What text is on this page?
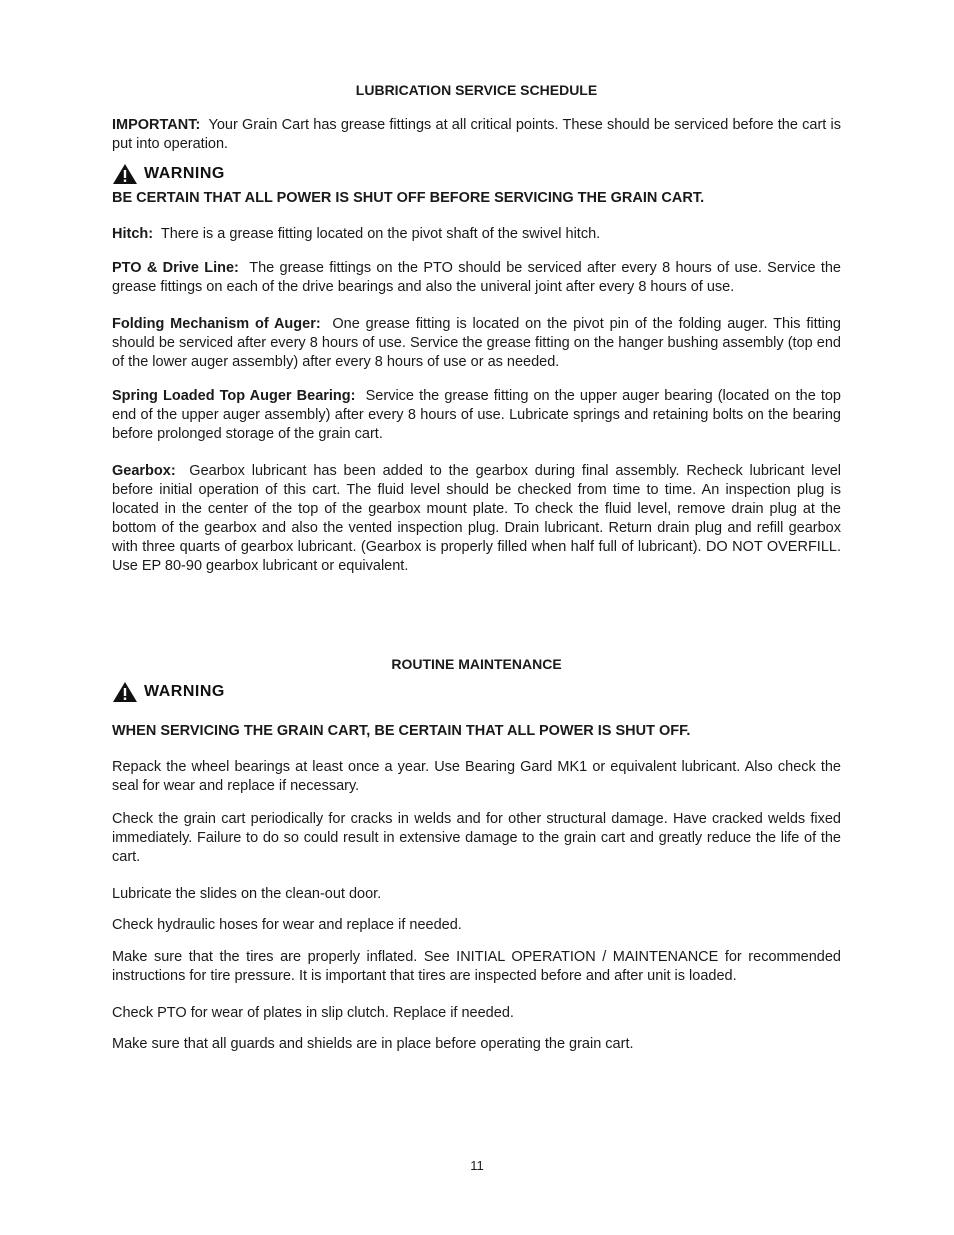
LUBRICATION SERVICE SCHEDULE
IMPORTANT: Your Grain Cart has grease fittings at all critical points. These should be serviced before the cart is put into operation.
WARNING
BE CERTAIN THAT ALL POWER IS SHUT OFF BEFORE SERVICING THE GRAIN CART.
Hitch: There is a grease fitting located on the pivot shaft of the swivel hitch.
PTO & Drive Line: The grease fittings on the PTO should be serviced after every 8 hours of use. Service the grease fittings on each of the drive bearings and also the univeral joint after every 8 hours of use.
Folding Mechanism of Auger: One grease fitting is located on the pivot pin of the folding auger. This fitting should be serviced after every 8 hours of use. Service the grease fitting on the hanger bushing assembly (top end of the lower auger assembly) after every 8 hours of use or as needed.
Spring Loaded Top Auger Bearing: Service the grease fitting on the upper auger bearing (located on the top end of the upper auger assembly) after every 8 hours of use. Lubricate springs and retaining bolts on the bearing before prolonged storage of the grain cart.
Gearbox: Gearbox lubricant has been added to the gearbox during final assembly. Recheck lubricant level before initial operation of this cart. The fluid level should be checked from time to time. An inspection plug is located in the center of the top of the gearbox mount plate. To check the fluid level, remove drain plug at the bottom of the gearbox and also the vented inspection plug. Drain lubricant. Return drain plug and refill gearbox with three quarts of gearbox lubricant. (Gearbox is properly filled when half full of lubricant). DO NOT OVERFILL. Use EP 80-90 gearbox lubricant or equivalent.
ROUTINE MAINTENANCE
WARNING
WHEN SERVICING THE GRAIN CART, BE CERTAIN THAT ALL POWER IS SHUT OFF.
Repack the wheel bearings at least once a year. Use Bearing Gard MK1 or equivalent lubricant. Also check the seal for wear and replace if necessary.
Check the grain cart periodically for cracks in welds and for other structural damage. Have cracked welds fixed immediately. Failure to do so could result in extensive damage to the grain cart and greatly reduce the life of the cart.
Lubricate the slides on the clean-out door.
Check hydraulic hoses for wear and replace if needed.
Make sure that the tires are properly inflated. See INITIAL OPERATION / MAINTENANCE for recommended instructions for tire pressure. It is important that tires are inspected before and after unit is loaded.
Check PTO for wear of plates in slip clutch. Replace if needed.
Make sure that all guards and shields are in place before operating the grain cart.
11
